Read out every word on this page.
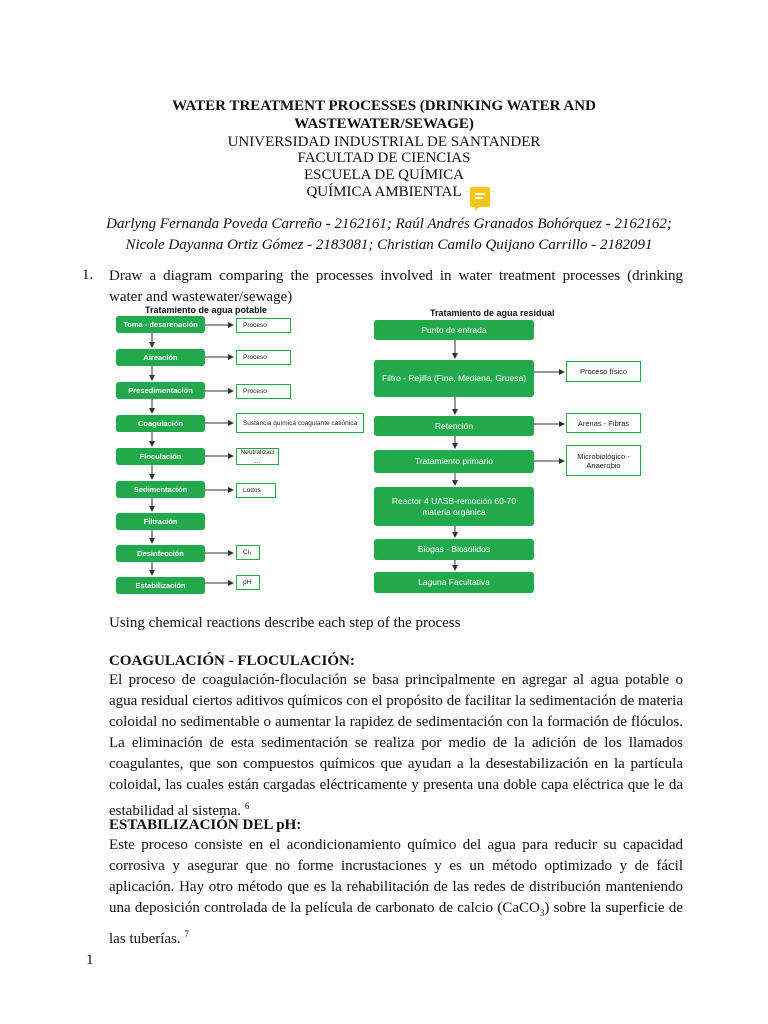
WATER TREATMENT PROCESSES (DRINKING WATER AND
WASTEWATER/SEWAGE)
UNIVERSIDAD INDUSTRIAL DE SANTANDER
FACULTAD DE CIENCIAS
ESCUELA DE QUÍMICA
QUÍMICA AMBIENTAL
Darlyng Fernanda Poveda Carreño - 2162161; Raúl Andrés Granados Bohórquez - 2162162;
Nicole Dayanna Ortiz Gómez - 2183081; Christian Camilo Quijano Carrillo - 2182091
1. Draw a diagram comparing the processes involved in water treatment processes (drinking water and wastewater/sewage)
Tratamiento de agua potable	Tratamiento de agua residual
Toma - desarenación
Aireación
Presedimentación
Coagulación
Floculación
Sedimentación
Filtración
Desinfección
Estabilización
Proceso
Proceso
Proceso
Sustancia química coagulante catiónica
Neutralizaci ...
Lodos
Cl₂
pH
Punto de entrada
Filtro - Rejilla (Fina, Mediana, Gruesa)
Retención
Tratamiento primario
Reactor 4 UASB-remoción 60-70 materia orgánica
Biogas - Biosólidos
Laguna Facultativa
Proceso físico
Arenas - Fibras
Microbiológico - Anaerobio
Using chemical reactions describe each step of the process
COAGULACIÓN - FLOCULACIÓN:
El proceso de coagulación-floculación se basa principalmente en agregar al agua potable o agua residual ciertos aditivos químicos con el propósito de facilitar la sedimentación de materia coloidal no sedimentable o aumentar la rapidez de sedimentación con la formación de flóculos. La eliminación de esta sedimentación se realiza por medio de la adición de los llamados coagulantes, que son compuestos químicos que ayudan a la desestabilización en la partícula coloidal, las cuales están cargadas eléctricamente y presenta una doble capa eléctrica que le da estabilidad al sistema. $^6$
ESTABILIZACIÓN DEL pH:
Este proceso consiste en el acondicionamiento químico del agua para reducir su capacidad corrosiva y asegurar que no forme incrustaciones y es un método optimizado y de fácil aplicación. Hay otro método que es la rehabilitación de las redes de distribución manteniendo una deposición controlada de la película de carbonato de calcio (CaCO$_3$) sobre la superficie de las tuberías. $^7$
1
